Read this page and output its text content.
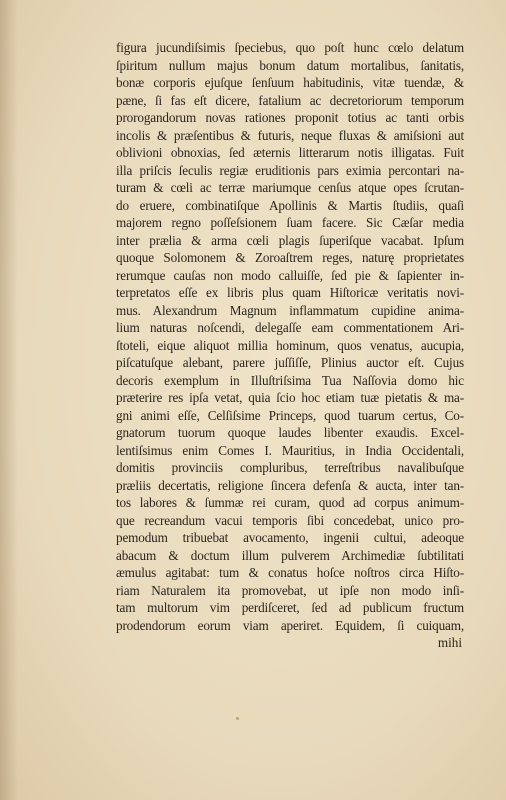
figura jucundiſsimis ſpeciebus, quo poſt hunc cœlo delatum
ſpiritum nullum majus bonum datum mortalibus, ſanitatis,
bonæ corporis ejuſque ſenſuum habitudinis, vitæ tuendæ, &
pæne, ſi fas eſt dicere, fatalium ac decretoriorum temporum
prorogandorum novas rationes proponit totius ac tanti orbis
incolis & præſentibus & futuris, neque fluxas & amiſsioni aut
oblivioni obnoxias, ſed æternis litterarum notis illigatas. Fuit
illa priſcis ſeculis regiæ eruditionis pars eximia percontari na-
turam & cœli ac terræ mariumque cenſus atque opes ſcrutan-
do eruere, combinatiſque Apollinis & Martis ſtudiis, quaſi
majorem regno poſſeſsionem ſuam facere. Sic Cæſar media
inter prælia & arma cœli plagis ſuperiſque vacabat. Ipſum
quoque Solomonem & Zoroaſtrem reges, naturę proprietates
rerumque cauſas non modo calluiſſe, ſed pie & ſapienter in-
terpretatos eſſe ex libris plus quam Hiſtoricæ veritatis novi-
mus. Alexandrum Magnum inflammatum cupidine anima-
lium naturas noſcendi, delegaſſe eam commentationem Ari-
ſtoteli, eique aliquot millia hominum, quos venatus, aucupia,
piſcatuſque alebant, parere juſſiſſe, Plinius auctor eſt. Cujus
decoris exemplum in Illuſtriſsima Tua Naſſovia domo hic
præterire res ipſa vetat, quia ſcio hoc etiam tuæ pietatis & ma-
gni animi eſſe, Celſiſsime Princeps, quod tuarum certus, Co-
gnatorum tuorum quoque laudes libenter exaudis. Excel-
lentiſsimus enim Comes I. Mauritius, in India Occidentali,
domitis provinciis compluribus, terreſtribus navalibuſque
præliis decertatis, religione ſincera defenſa & aucta, inter tan-
tos labores & ſummæ rei curam, quod ad corpus animum-
que recreandum vacui temporis ſibi concedebat, unico pro-
pemodum tribuebat avocamento, ingenii cultui, adeoque
abacum & doctum illum pulverem Archimediæ ſubtilitati
æmulus agitabat: tum & conatus hoſce noſtros circa Hiſto-
riam Naturalem ita promovebat, ut ipſe non modo inſi-
tam multorum vim perdiſceret, ſed ad publicum fructum
prodendorum eorum viam aperiret. Equidem, ſi cuiquam,
mihi
